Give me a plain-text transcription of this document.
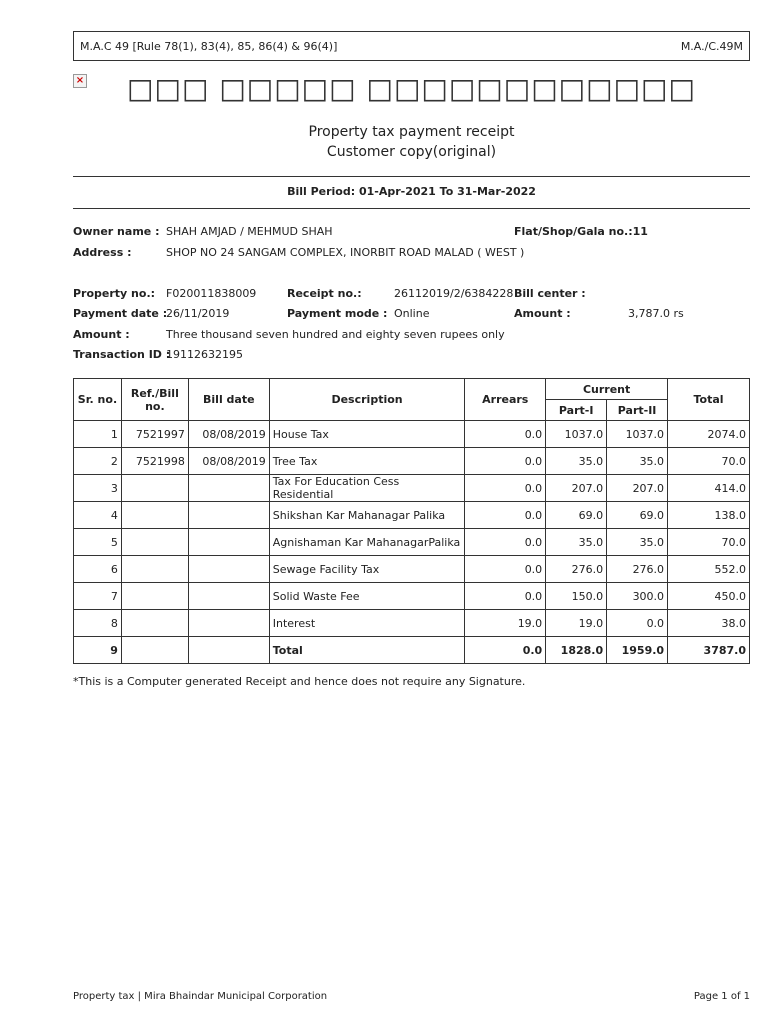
M.A.C 49 [Rule 78(1), 83(4), 85, 86(4) & 96(4)]	M.A./C.49M
×	□□□ □□□□□ □□□□□□□□□□□□
Property tax payment receipt
Customer copy(original)
Bill Period: 01-Apr-2021 To 31-Mar-2022
Owner name : SHAH AMJAD / MEHMUD SHAH	Flat/Shop/Gala no.:11
Address :	SHOP NO 24 SANGAM COMPLEX, INORBIT ROAD MALAD ( WEST )
Property no.: F020011838009	Receipt no.:	26112019/2/6384228 Bill center :
Payment date :
26/11/2019	Payment mode : Online	Amount :	3,787.0 rs
Amount :	Three thousand seven hundred and eighty seven rupees only
Transaction ID :
19112632195
Sr. no.	Ref./Bill no.	Bill date	Description	Arrears	Current		Total
					Part-I	Part-II	
1	7521997	08/08/2019	House Tax	0.0	1037.0	1037.0	2074.0
2	7521998	08/08/2019	Tree Tax	0.0	35.0	35.0	70.0
3			Tax For Education Cess Residential	0.0	207.0	207.0	414.0
4			Shikshan Kar Mahanagar Palika	0.0	69.0	69.0	138.0
5			Agnishaman Kar MahanagarPalika	0.0	35.0	35.0	70.0
6			Sewage Facility Tax	0.0	276.0	276.0	552.0
7			Solid Waste Fee	0.0	150.0	300.0	450.0
8			Interest	19.0	19.0	0.0	38.0
9			Total	0.0	1828.0	1959.0	3787.0
*This is a Computer generated Receipt and hence does not require any Signature.
Property tax | Mira Bhaindar Municipal Corporation	Page 1 of 1
